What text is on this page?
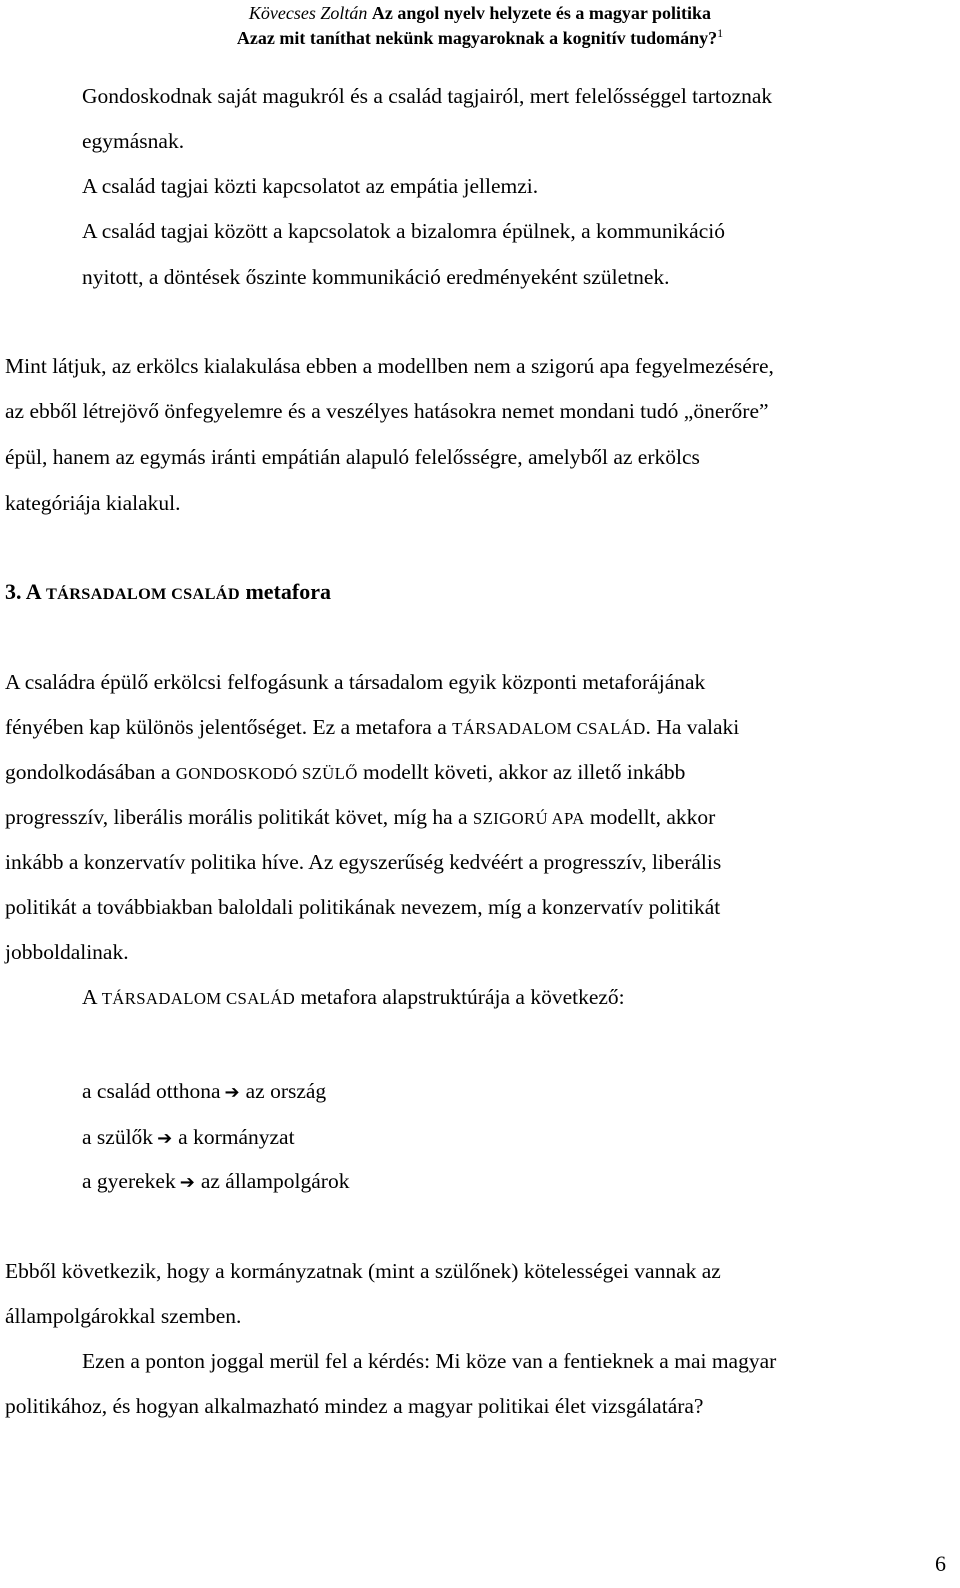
Kövecses Zoltán Az angol nyelv helyzete és a magyar politika
Azaz mit taníthat nekünk magyaroknak a kognitív tudomány?$^1$
Gondoskodnak saját magukról és a család tagjairól, mert felelősséggel tartoznak
egymásnak.
A család tagjai közti kapcsolatot az empátia jellemzi.
A család tagjai között a kapcsolatok a bizalomra épülnek, a kommunikáció
nyitott, a döntések őszinte kommunikáció eredményeként születnek.
Mint látjuk, az erkölcs kialakulása ebben a modellben nem a szigorú apa fegyelmezésére,
az ebből létrejövő önfegyelemre és a veszélyes hatásokra nemet mondani tudó „önerőre”
épül, hanem az egymás iránti empátián alapuló felelősségre, amelyből az erkölcs
kategóriája kialakul.
3. A TÁRSADALOM CSALÁD metafora
A családra épülő erkölcsi felfogásunk a társadalom egyik központi metaforájának
fényében kap különös jelentőséget. Ez a metafora a TÁRSADALOM CSALÁD. Ha valaki
gondolkodásában a GONDOSKODÓ SZÜLŐ modellt követi, akkor az illető inkább
progresszív, liberális morális politikát követ, míg ha a SZIGORÚ APA modellt, akkor
inkább a konzervatív politika híve. Az egyszerűség kedvéért a progresszív, liberális
politikát a továbbiakban baloldali politikának nevezem, míg a konzervatív politikát
jobboldalinak.
A TÁRSADALOM CSALÁD metafora alapstruktúrája a következő:
a család otthona ➔ az ország
a szülők ➔ a kormányzat
a gyerekek ➔ az állampolgárok
Ebből következik, hogy a kormányzatnak (mint a szülőnek) kötelességei vannak az
állampolgárokkal szemben.
Ezen a ponton joggal merül fel a kérdés: Mi köze van a fentieknek a mai magyar
politikához, és hogyan alkalmazható mindez a magyar politikai élet vizsgálatára?
6
